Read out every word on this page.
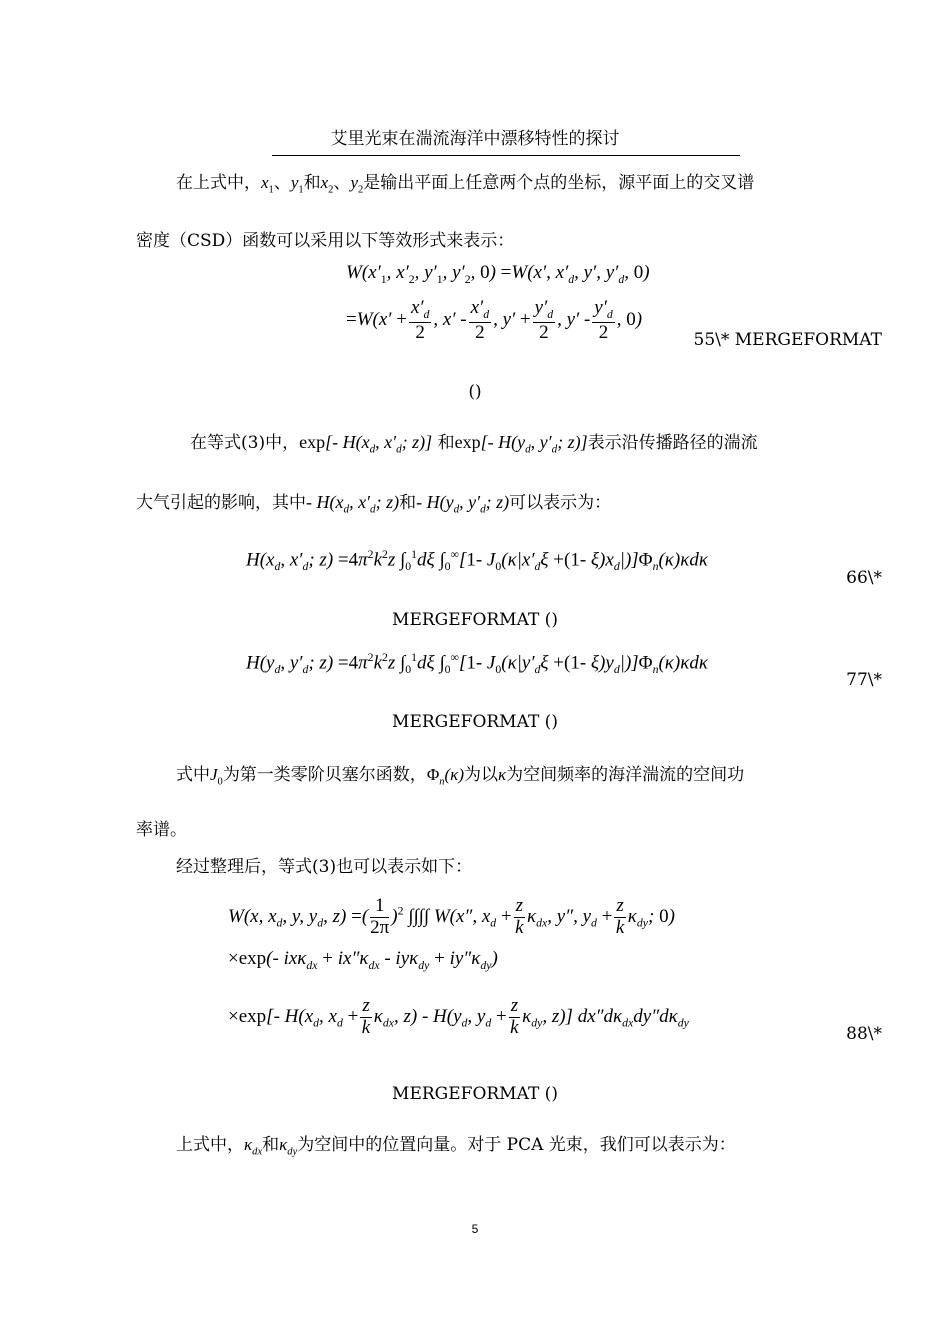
艾里光束在湍流海洋中漂移特性的探讨
在上式中，$x_1$、$y_1$和$x_2$、$y_2$是输出平面上任意两个点的坐标，源平面上的交叉谱
密度（CSD）函数可以采用以下等效形式来表示：
$W(x'_1$, $x'_2$, $y'_1$, $y'_2$, 0) =W(x′, $x'_d$, y′, $y'_d$, 0)
$=W(x' + \frac{x'_d}{2}$ , $x' - \frac{x'_d}{2}$ , $y' + \frac{y'_d}{2}$ , $y' - \frac{y'_d}{2}$ , 0)
55\* MERGEFORMAT
()
在等式(3)中，exp[- $H(x_d$, $x'_d$; z)] 和exp[- $H(y_d$, $y'_d$; z)]表示沿传播路径的湍流
大气引起的影响，其中- $H(x_d$, $x'_d$; z)和- $H(y_d$, $y'_d$; z)可以表示为：
$H(x_d$, $x'_d$; $z) =4\pi^2k^2z$ $\int_0^1d\xi$ $\int_0^\infty[1-$ $J_0(\kappa|x'_d\xi +(1-$ $\xi)x_d|)]\Phi_n(\kappa)\kappa d\kappa$
66\*
MERGEFORMAT ()
$H(y_d$, $y'_d$; $z) =4\pi^2k^2z$ $\int_0^1d\xi$ $\int_0^\infty[1-$ $J_0(\kappa|y'_d\xi +(1-$ $\xi)y_d|)]\Phi_n(\kappa)\kappa d\kappa$
77\*
MERGEFORMAT ()
式中$J_0$为第一类零阶贝塞尔函数，$\Phi_n(\kappa)$为以κ为空间频率的海洋湍流的空间功
率谱。
经过整理后，等式(3)也可以表示如下：
W(x, $x_d$, y, $y_d$, z) =( $\frac{1}{2\pi} )^2$ ∫∫∫∫ W(x″, $x_d + \frac{z}{k} \kappa_{dx}$, y″, $y_d + \frac{z}{k} \kappa_{dy}$; 0)
×exp(- $ix\kappa_{dx} + ix''\kappa_{dx} - iy\kappa_{dy} + iy''\kappa_{dy}$)
×exp[- $H(x_d$, $x_d + \frac{z}{k} \kappa_{dx}$, $z) - H(y_d$, $y_d + \frac{z}{k} \kappa_{dy}$, z)] $dx''d\kappa_{dx}dy''d\kappa_{dy}$
88\*
MERGEFORMAT ()
上式中，$\kappa_{dx}$和$\kappa_{dy}$为空间中的位置向量。对于 PCA 光束，我们可以表示为：
5
